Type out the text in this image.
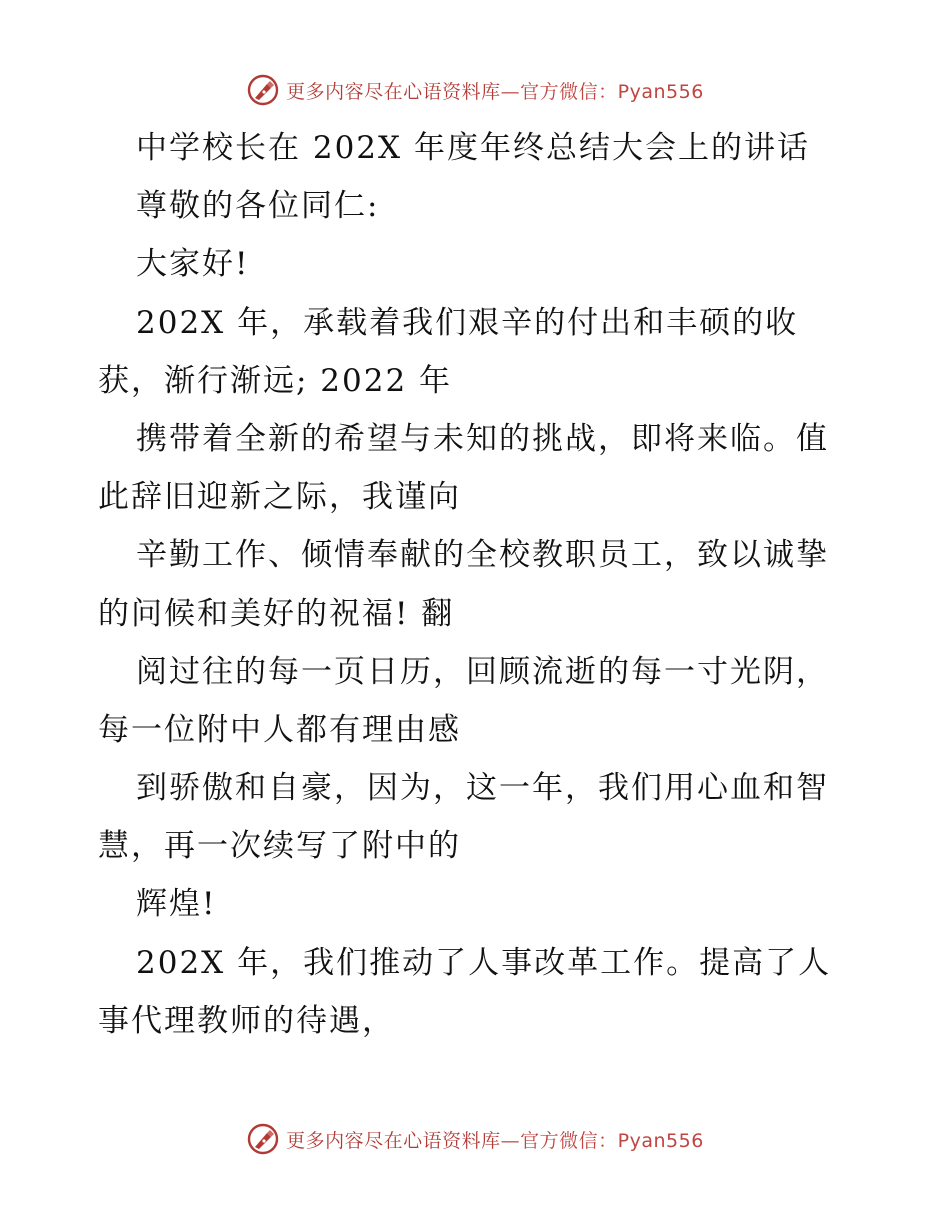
更多内容尽在心语资料库—官方微信：Pyan556
中学校长在 202X 年度年终总结大会上的讲话
尊敬的各位同仁:
大家好!
202X 年，承载着我们艰辛的付出和丰硕的收
获，渐行渐远; 2022 年
携带着全新的希望与未知的挑战，即将来临。值
此辞旧迎新之际，我谨向
辛勤工作、倾情奉献的全校教职员工，致以诚挚
的问候和美好的祝福! 翻
阅过往的每一页日历，回顾流逝的每一寸光阴，
每一位附中人都有理由感
到骄傲和自豪，因为，这一年，我们用心血和智
慧，再一次续写了附中的
辉煌!
202X 年，我们推动了人事改革工作。提高了人
事代理教师的待遇，
更多内容尽在心语资料库—官方微信：Pyan556
